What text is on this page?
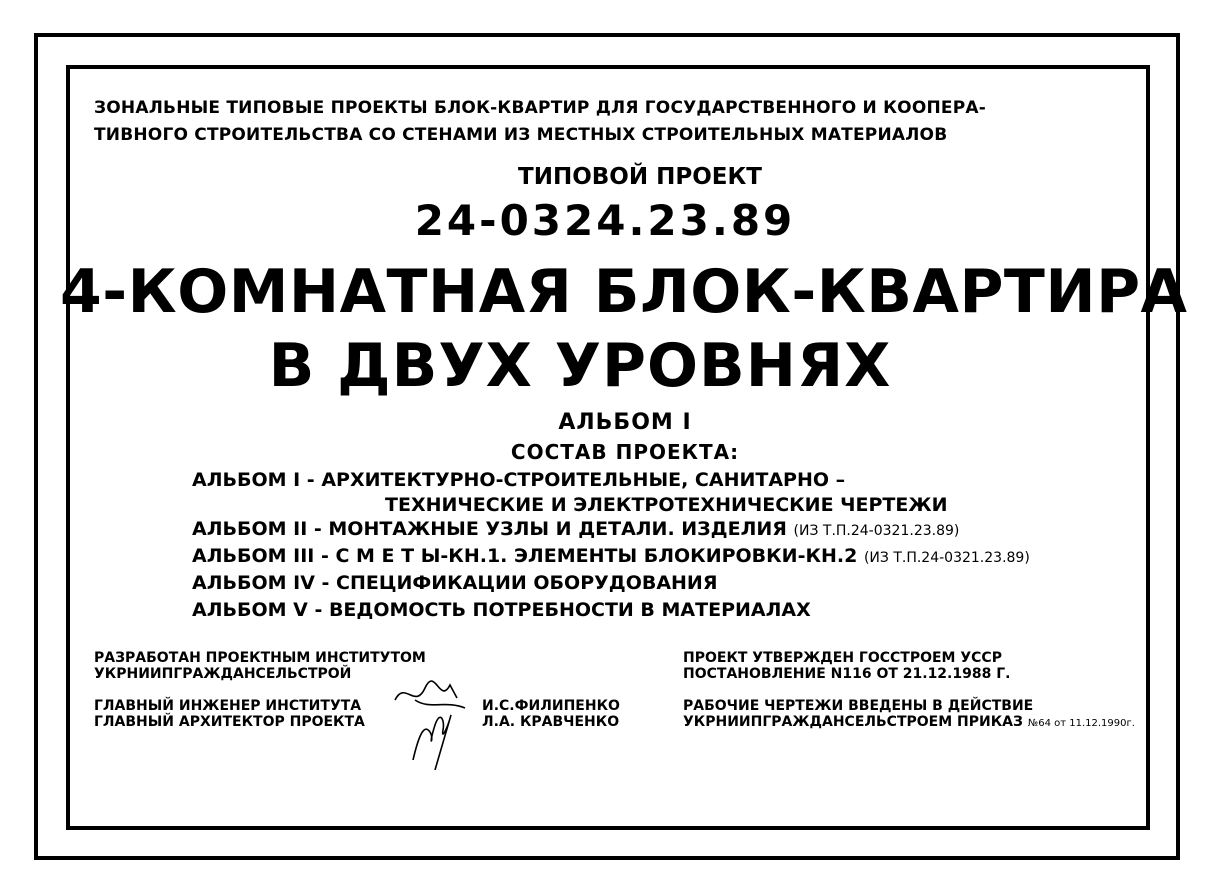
ЗОНАЛЬНЫЕ ТИПОВЫЕ ПРОЕКТЫ БЛОК-КВАРТИР ДЛЯ ГОСУДАРСТВЕННОГО И КООПЕРА-
ТИВНОГО СТРОИТЕЛЬСТВА СО СТЕНАМИ ИЗ МЕСТНЫХ СТРОИТЕЛЬНЫХ МАТЕРИАЛОВ
ТИПОВОЙ ПРОЕКТ
24-0324.23.89
4-КОМНАТНАЯ БЛОК-КВАРТИРА
В ДВУХ УРОВНЯХ
АЛЬБОМ I
СОСТАВ ПРОЕКТА:
АЛЬБОМ I - АРХИТЕКТУРНО-СТРОИТЕЛЬНЫЕ, САНИТАРНО –
ТЕХНИЧЕСКИЕ И ЭЛЕКТРОТЕХНИЧЕСКИЕ ЧЕРТЕЖИ
АЛЬБОМ II - МОНТАЖНЫЕ УЗЛЫ И ДЕТАЛИ. ИЗДЕЛИЯ (ИЗ Т.П.24-0321.23.89)
АЛЬБОМ III - С М Е Т Ы-КН.1. ЭЛЕМЕНТЫ БЛОКИРОВКИ-КН.2 (ИЗ Т.П.24-0321.23.89)
АЛЬБОМ IV - СПЕЦИФИКАЦИИ ОБОРУДОВАНИЯ
АЛЬБОМ V - ВЕДОМОСТЬ ПОТРЕБНОСТИ В МАТЕРИАЛАХ
РАЗРАБОТАН ПРОЕКТНЫМ ИНСТИТУТОМ
УКРНИИПГРАЖДАНСЕЛЬСТРОЙ
ГЛАВНЫЙ ИНЖЕНЕР ИНСТИТУТА
ГЛАВНЫЙ АРХИТЕКТОР ПРОЕКТА
И.С.ФИЛИПЕНКО
Л.А. КРАВЧЕНКО
ПРОЕКТ УТВЕРЖДЕН ГОССТРОЕМ УССР
ПОСТАНОВЛЕНИЕ N116 ОТ 21.12.1988 Г.
РАБОЧИЕ ЧЕРТЕЖИ ВВЕДЕНЫ В ДЕЙСТВИЕ
УКРНИИПГРАЖДАНСЕЛЬСТРОЕМ ПРИКАЗ №64 от 11.12.1990г.
